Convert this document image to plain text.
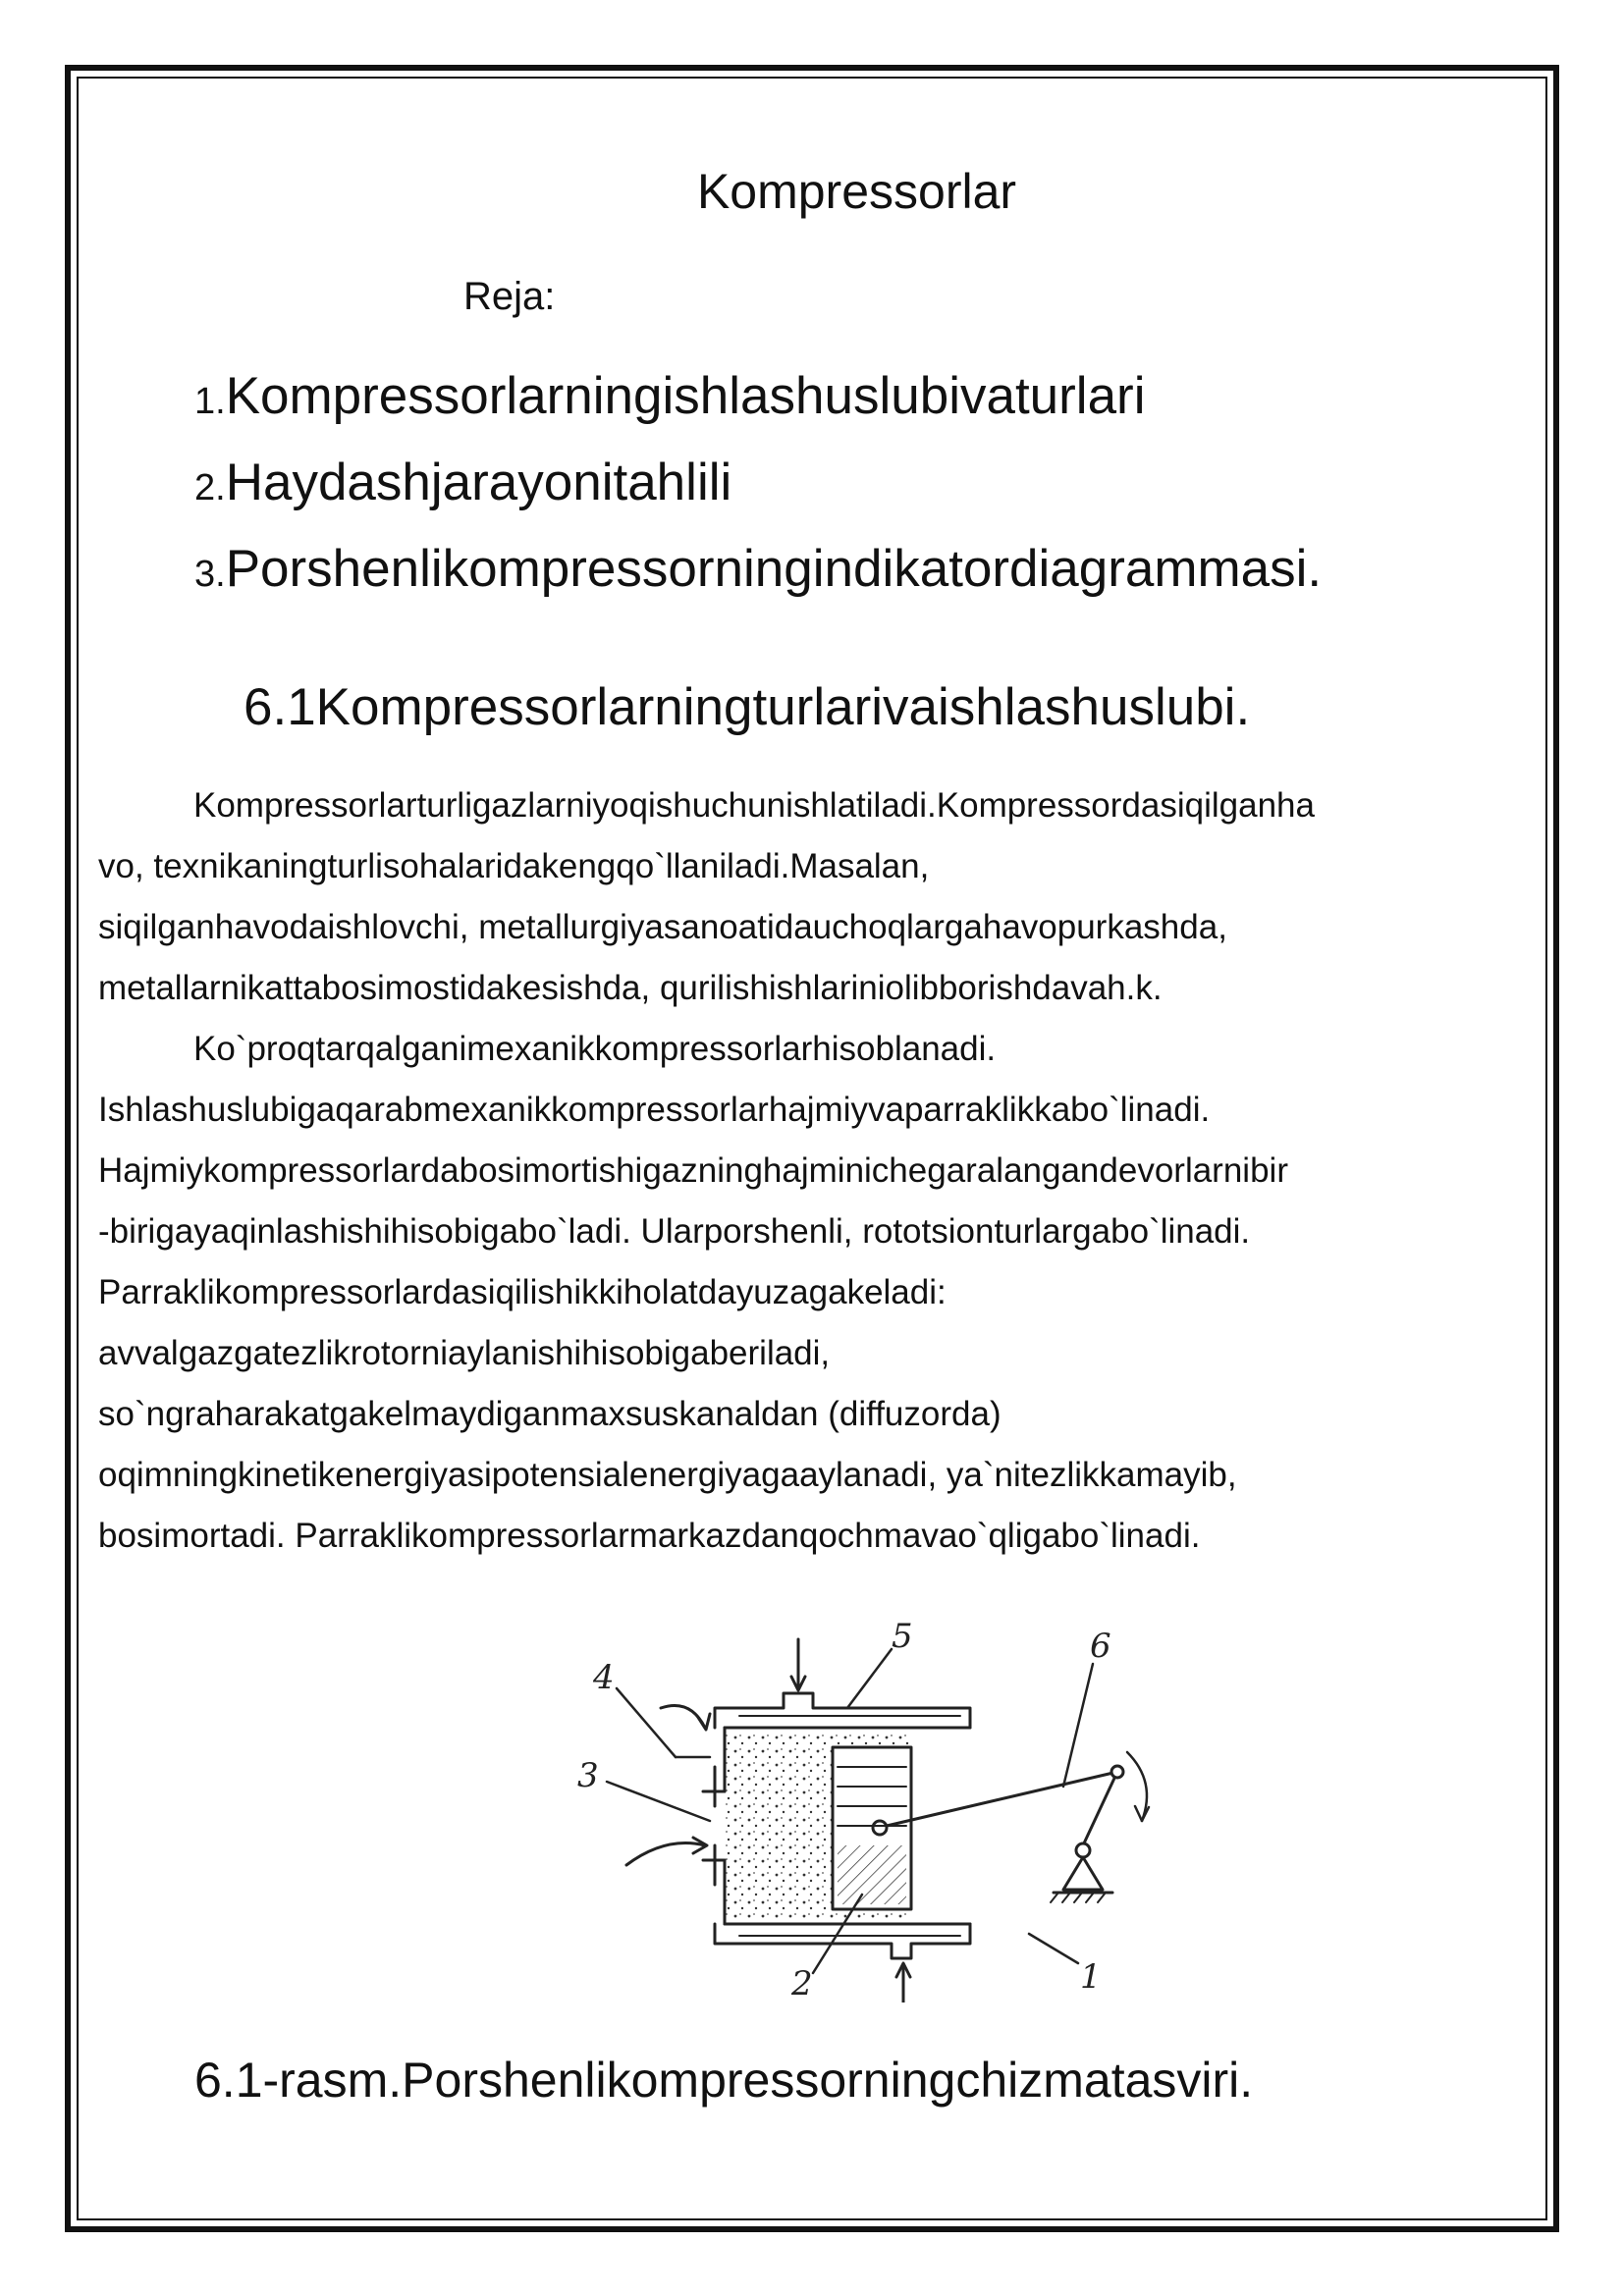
Kompressorlar
Reja:
1.Kompressorlarningishlashuslubivaturlari
2.Haydashjarayonitahlili
3.Porshenlikompressorningindikatordiagrammasi.
6.1Kompressorlarningturlarivaishlashuslubi.

Kompressorlarturligazlarniyoqishuchunishlatiladi.Kompressordasiqilganha
vo, texnikaningturlisohalaridakengqo`llaniladi.Masalan,
siqilganhavodaishlovchi, metallurgiyasanoatidauchoqlargahavopurkashda,
metallarnikattabosimostidakesishda, qurilishishlariniolibborishdavah.k.
Ko`proqtarqalganimexanikkompressorlarhisoblanadi.
Ishlashuslubigaqarabmexanikkompressorlarhajmiyvaparraklikkabo`linadi.
Hajmiykompressorlardabosimortishigazninghajminichegaralangandevorlarnibir
-birigayaqinlashishihisobigabo`ladi. Ularporshenli, rototsionturlargabo`linadi.
Parraklikompressorlardasiqilishikkiholatdayuzagakeladi:
avvalgazgatezlikrotorniaylanishihisobigaberiladi,
so`ngraharakatgakelmaydiganmaxsuskanaldan (diffuzorda)
oqimningkinetikenergiyasipotensialenergiyagaaylanadi, ya`nitezlikkamayib,
bosimortadi. Parraklikompressorlarmarkazdanqochmavao`qligabo`linadi.

1
2
3
4
5	6
6.1-rasm.Porshenlikompressorningchizmatasviri.
